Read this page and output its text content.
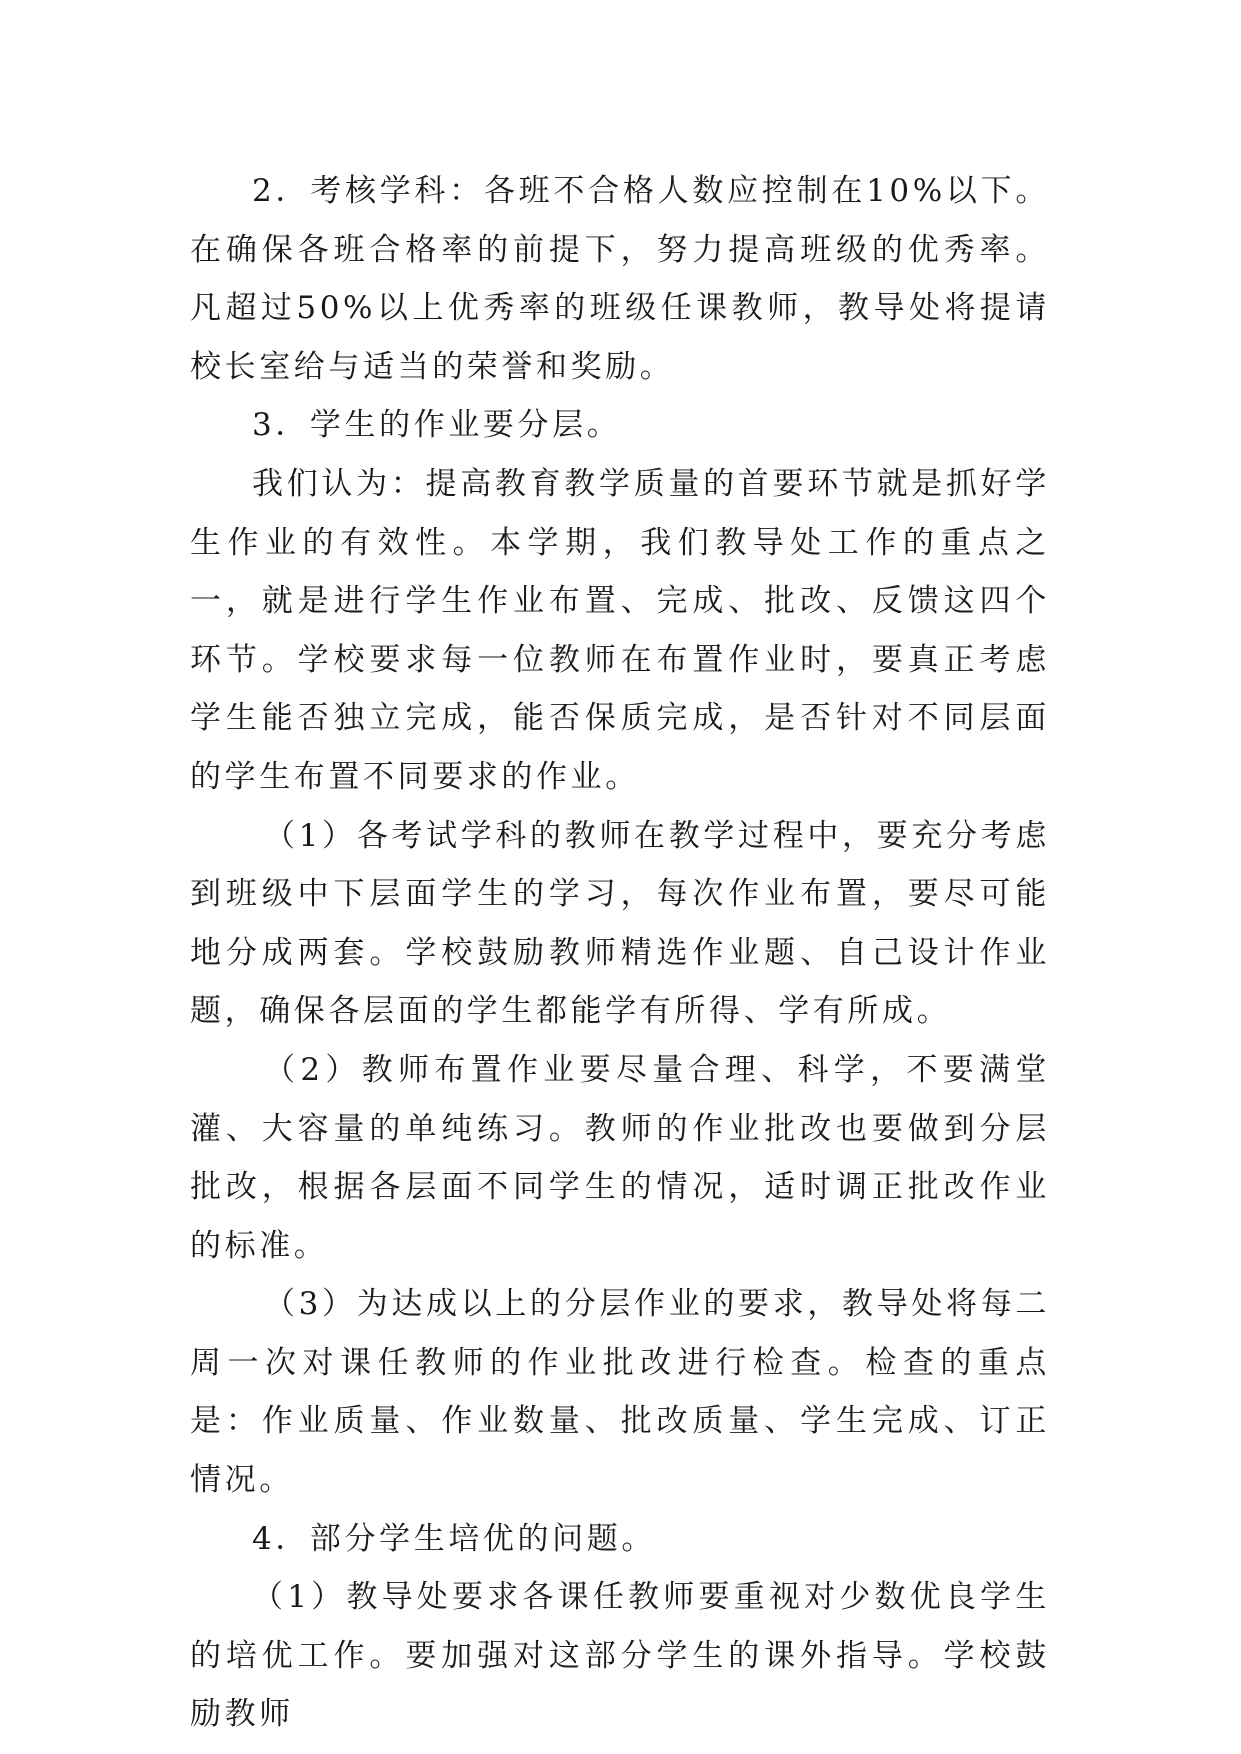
2．考核学科：各班不合格人数应控制在10%以下。在确保各班合格率的前提下，努力提高班级的优秀率。凡超过50%以上优秀率的班级任课教师，教导处将提请校长室给与适当的荣誉和奖励。

3．学生的作业要分层。

我们认为：提高教育教学质量的首要环节就是抓好学生作业的有效性。本学期，我们教导处工作的重点之一，就是进行学生作业布置、完成、批改、反馈这四个环节。学校要求每一位教师在布置作业时，要真正考虑学生能否独立完成，能否保质完成，是否针对不同层面的学生布置不同要求的作业。

（1）各考试学科的教师在教学过程中，要充分考虑到班级中下层面学生的学习，每次作业布置，要尽可能地分成两套。学校鼓励教师精选作业题、自己设计作业题，确保各层面的学生都能学有所得、学有所成。

（2）教师布置作业要尽量合理、科学，不要满堂灌、大容量的单纯练习。教师的作业批改也要做到分层批改，根据各层面不同学生的情况，适时调正批改作业的标准。

（3）为达成以上的分层作业的要求，教导处将每二周一次对课任教师的作业批改进行检查。检查的重点是：作业质量、作业数量、批改质量、学生完成、订正情况。

4．部分学生培优的问题。

（1）教导处要求各课任教师要重视对少数优良学生的培优工作。要加强对这部分学生的课外指导。学校鼓励教师
